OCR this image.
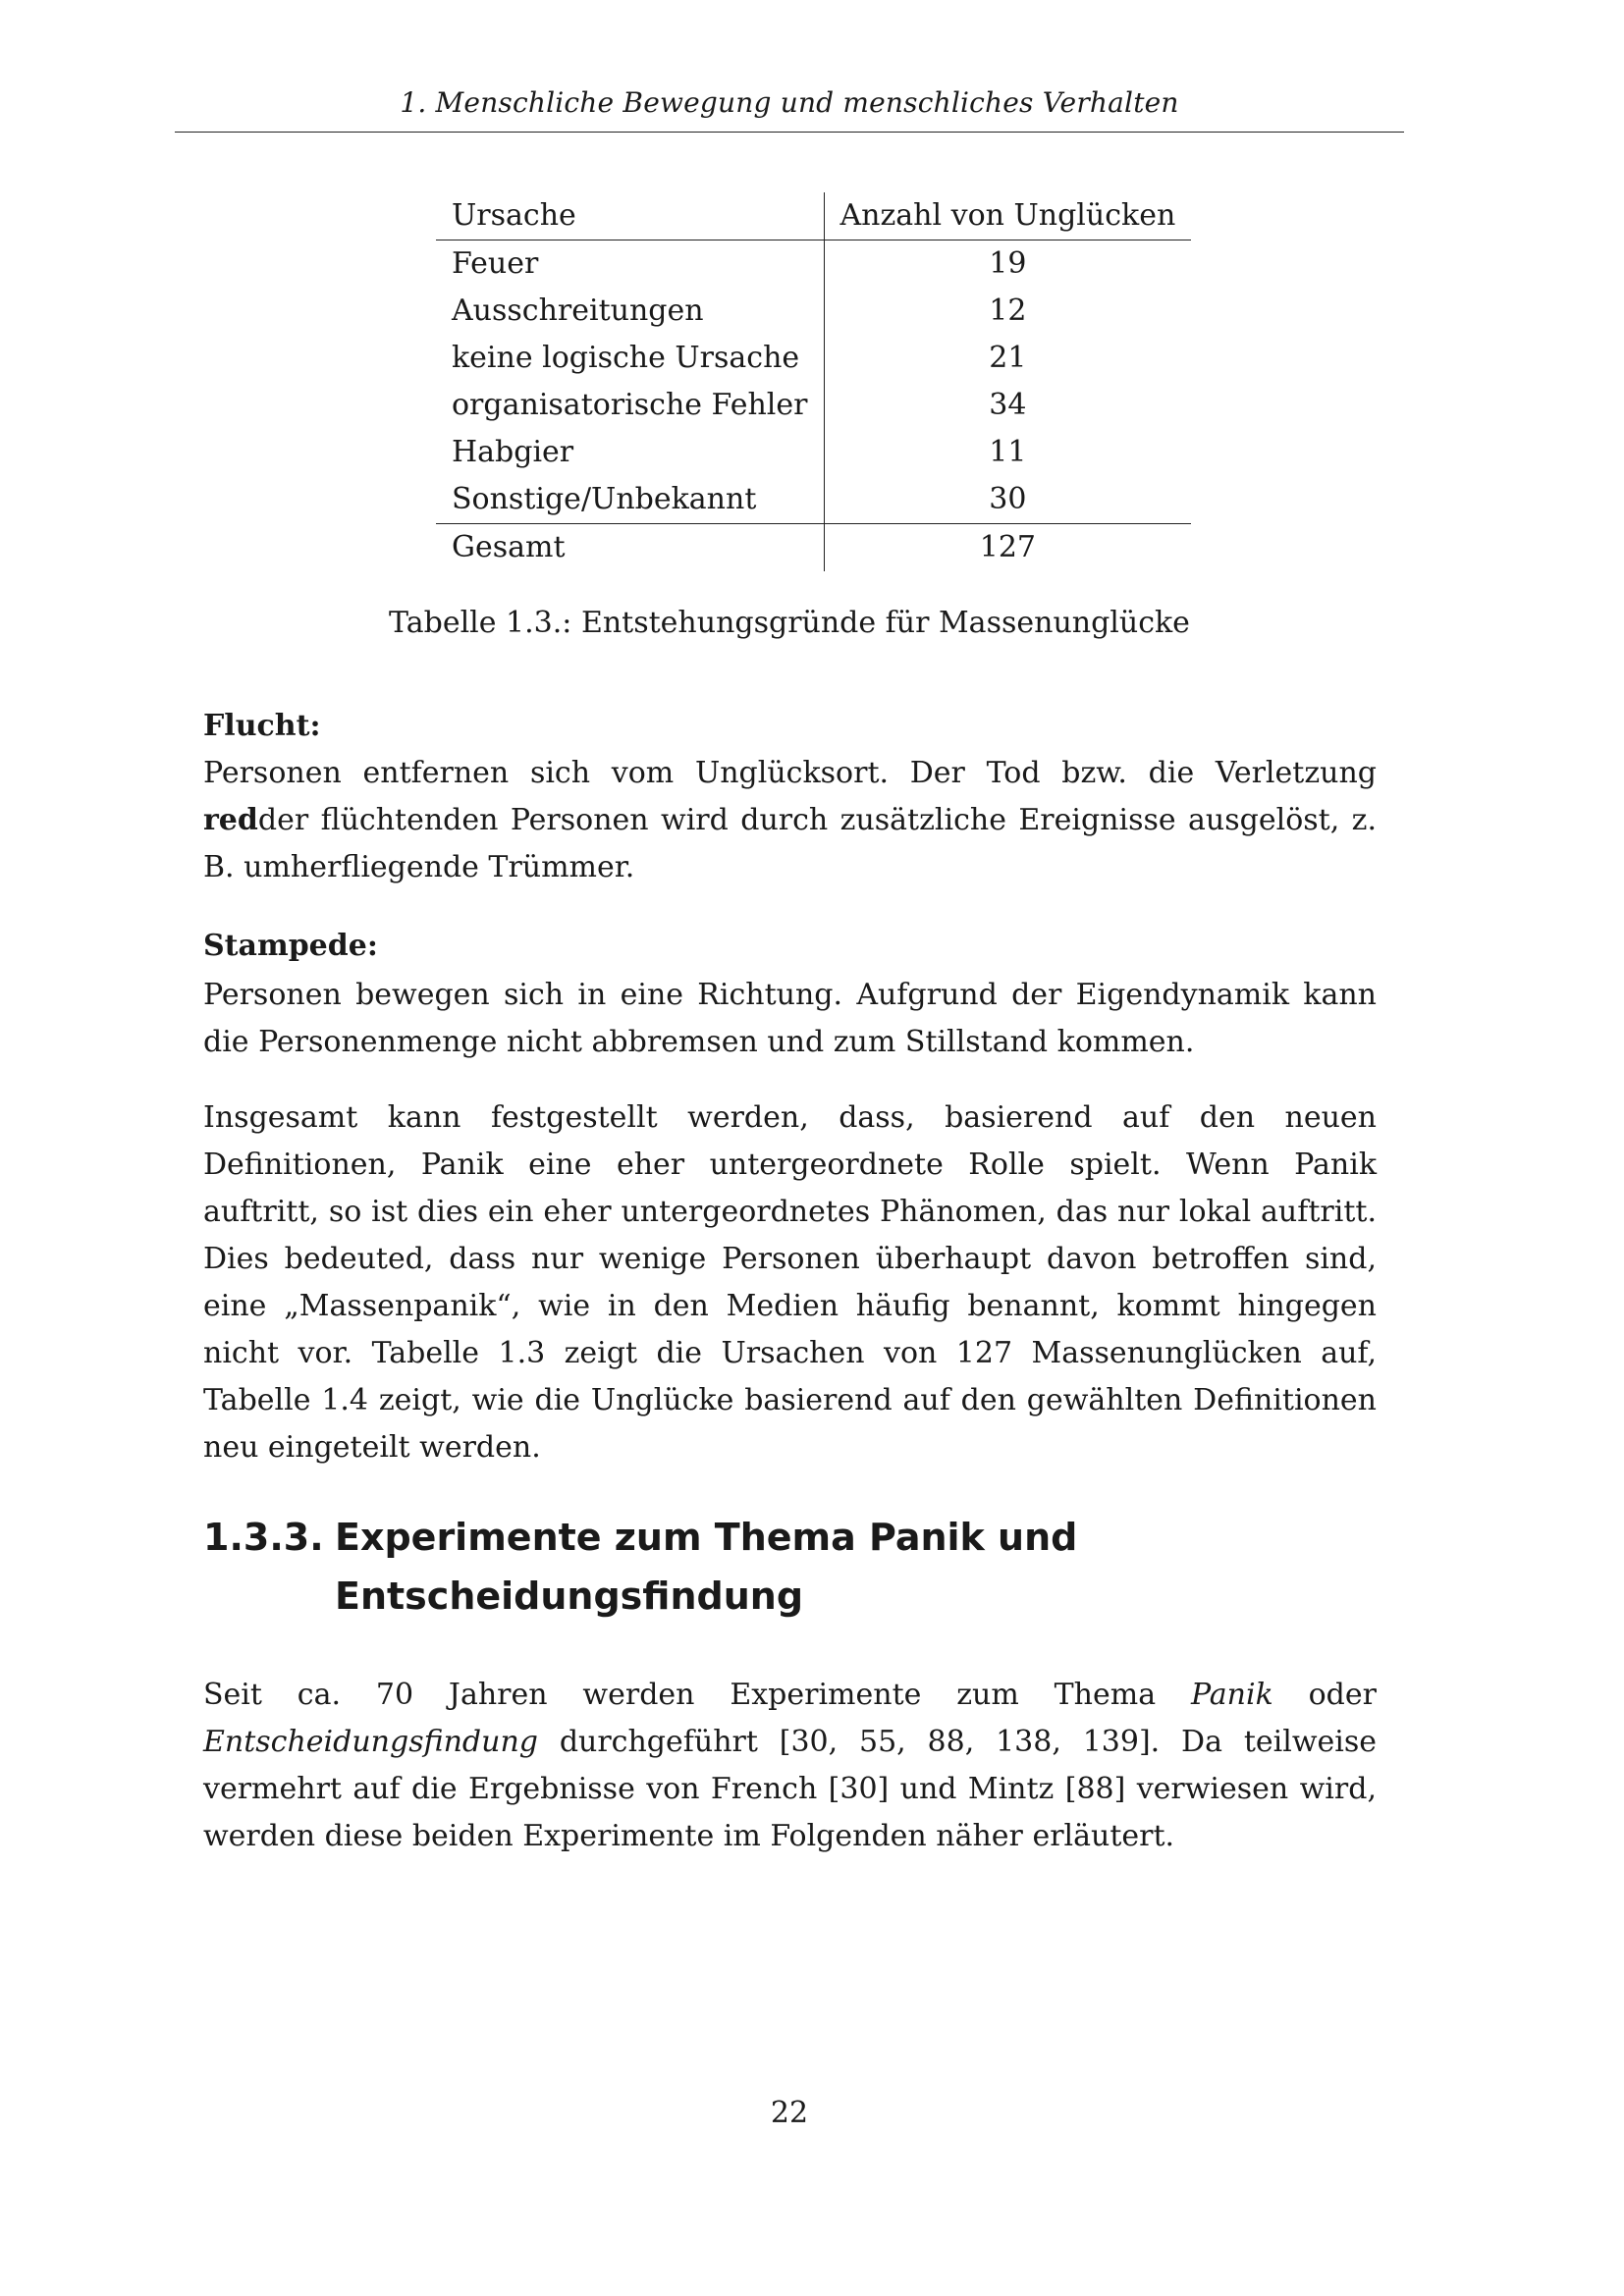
1. Menschliche Bewegung und menschliches Verhalten
Ursache	Anzahl von Unglücken
Feuer	19
Ausschreitungen	12
keine logische Ursache	21
organisatorische Fehler	34
Habgier	11
Sonstige/Unbekannt	30
Gesamt	127
Tabelle 1.3.: Entstehungsgründe für Massenunglücke
Flucht:

Personen entfernen sich vom Unglücksort. Der Tod bzw. die Verletzung redder flüchtenden Personen wird durch zusätzliche Ereignisse ausgelöst, z. B. umherfliegende Trümmer.

Stampede:

Personen bewegen sich in eine Richtung. Aufgrund der Eigendynamik kann die Personenmenge nicht abbremsen und zum Stillstand kommen.

Insgesamt kann festgestellt werden, dass, basierend auf den neuen Definitionen, Panik eine eher untergeordnete Rolle spielt. Wenn Panik auftritt, so ist dies ein eher untergeordnetes Phänomen, das nur lokal auftritt. Dies bedeuted, dass nur wenige Personen überhaupt davon betroffen sind, eine „Massenpanik“, wie in den Medien häufig benannt, kommt hingegen nicht vor. Tabelle 1.3 zeigt die Ursachen von 127 Massenunglücken auf, Tabelle 1.4 zeigt, wie die Unglücke basierend auf den gewählten Definitionen neu eingeteilt werden.

1.3.3. Experimente zum Thema Panik und Entscheidungsfindung

Seit ca. 70 Jahren werden Experimente zum Thema Panik oder Entscheidungsfindung durchgeführt [30, 55, 88, 138, 139]. Da teilweise vermehrt auf die Ergebnisse von French [30] und Mintz [88] verwiesen wird, werden diese beiden Experimente im Folgenden näher erläutert.

22
